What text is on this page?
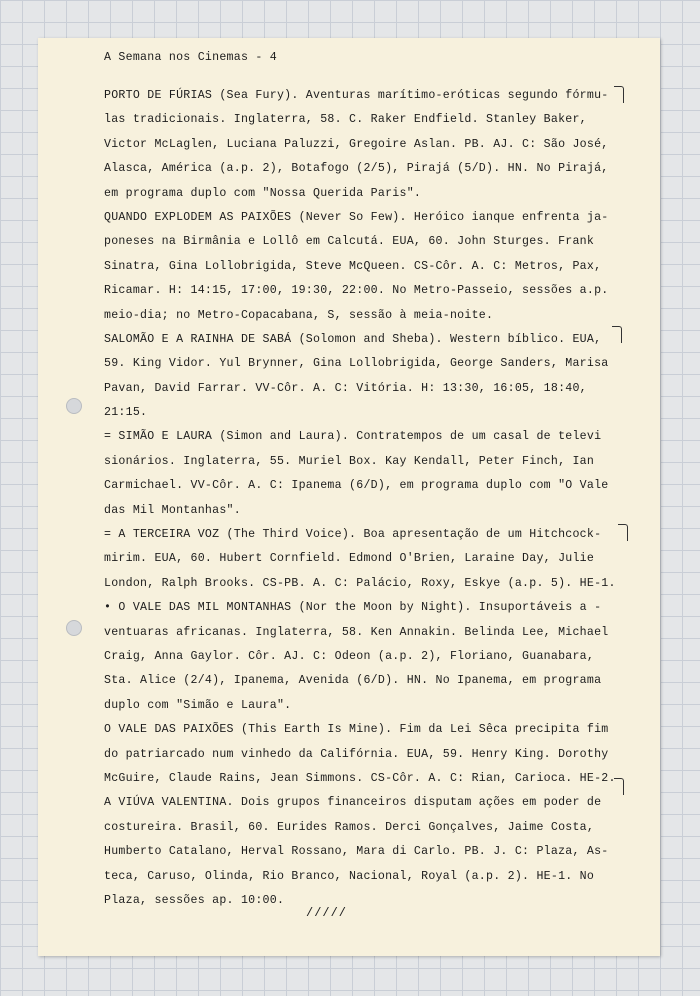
A Semana nos Cinemas - 4
PORTO DE FÚRIAS (Sea Fury). Aventuras marítimo-eróticas segundo fórmu-
las tradicionais. Inglaterra, 58. C. Raker Endfield. Stanley Baker,
Victor McLaglen, Luciana Paluzzi, Gregoire Aslan. PB. AJ. C: São José,
Alasca, América (a.p. 2), Botafogo (2/5), Pirajá (5/D). HN. No Pirajá,
em programa duplo com "Nossa Querida Paris".
QUANDO EXPLODEM AS PAIXÕES (Never So Few). Heróico ianque enfrenta ja-
poneses na Birmânia e Lollô em Calcutá. EUA, 60. John Sturges. Frank
Sinatra, Gina Lollobrigida, Steve McQueen. CS-Côr. A. C: Metros, Pax,
Ricamar. H: 14:15, 17:00, 19:30, 22:00. No Metro-Passeio, sessões a.p.
meio-dia; no Metro-Copacabana, S, sessão à meia-noite.
SALOMÃO E A RAINHA DE SABÁ (Solomon and Sheba). Western bíblico. EUA,
59. King Vidor. Yul Brynner, Gina Lollobrigida, George Sanders, Marisa
Pavan, David Farrar. VV-Côr. A. C: Vitória. H: 13:30, 16:05, 18:40,
21:15.
= SIMÃO E LAURA (Simon and Laura). Contratempos de um casal de televi
sionários. Inglaterra, 55. Muriel Box. Kay Kendall, Peter Finch, Ian
Carmichael. VV-Côr. A. C: Ipanema (6/D), em programa duplo com "O Vale
das Mil Montanhas".
= A TERCEIRA VOZ (The Third Voice). Boa apresentação de um Hitchcock-
mirim. EUA, 60. Hubert Cornfield. Edmond O'Brien, Laraine Day, Julie
London, Ralph Brooks. CS-PB. A. C: Palácio, Roxy, Eskye (a.p. 5). HE-1.
• O VALE DAS MIL MONTANHAS (Nor the Moon by Night). Insuportáveis a -
ventuaras africanas. Inglaterra, 58. Ken Annakin. Belinda Lee, Michael
Craig, Anna Gaylor. Côr. AJ. C: Odeon (a.p. 2), Floriano, Guanabara,
Sta. Alice (2/4), Ipanema, Avenida (6/D). HN. No Ipanema, em programa
duplo com "Simão e Laura".
O VALE DAS PAIXÕES (This Earth Is Mine). Fim da Lei Sêca precipita fim
do patriarcado num vinhedo da Califórnia. EUA, 59. Henry King. Dorothy
McGuire, Claude Rains, Jean Simmons. CS-Côr. A. C: Rian, Carioca. HE-2.
A VIÚVA VALENTINA. Dois grupos financeiros disputam ações em poder de
costureira. Brasil, 60. Eurides Ramos. Derci Gonçalves, Jaime Costa,
Humberto Catalano, Herval Rossano, Mara di Carlo. PB. J. C: Plaza, As-
teca, Caruso, Olinda, Rio Branco, Nacional, Royal (a.p. 2). HE-1. No
Plaza, sessões ap. 10:00.
/////
